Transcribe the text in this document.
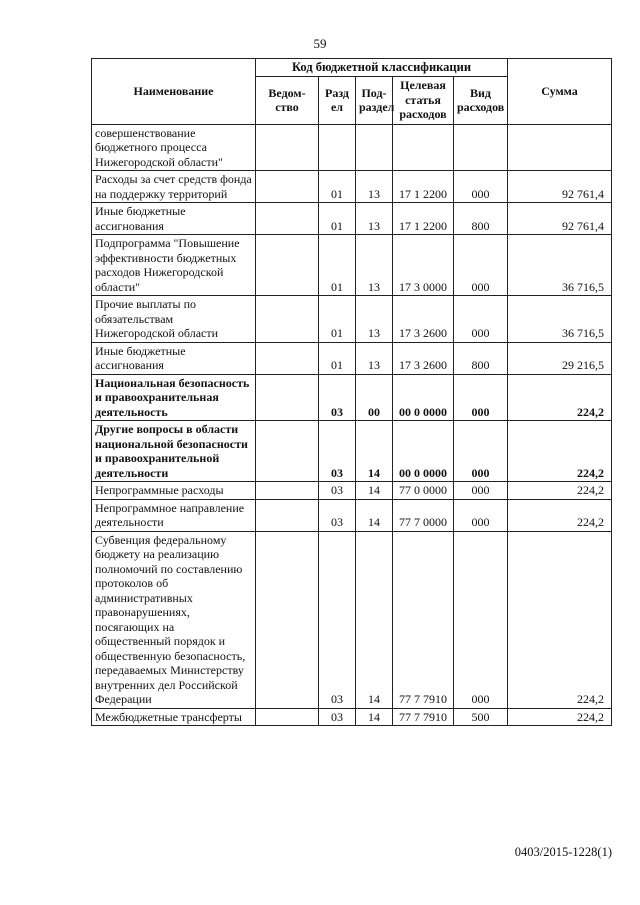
59
Наименование	Код бюджетной классификации					Сумма
	Ведом-ство	Разд ел	Под-раздел	Целевая статья расходов	Вид расходов	
совершенствование бюджетного процесса Нижегородской области"						
Расходы за счет средств фонда на поддержку территорий		01	13	17 1 2200	000	92 761,4
Иные бюджетные ассигнования		01	13	17 1 2200	800	92 761,4
Подпрограмма "Повышение эффективности бюджетных расходов Нижегородской области"		01	13	17 3 0000	000	36 716,5
Прочие выплаты по обязательствам Нижегородской области		01	13	17 3 2600	000	36 716,5
Иные бюджетные ассигнования		01	13	17 3 2600	800	29 216,5
Национальная безопасность и правоохранительная деятельность		03	00	00 0 0000	000	224,2
Другие вопросы в области национальной безопасности и правоохранительной деятельности		03	14	00 0 0000	000	224,2
Непрограммные расходы		03	14	77 0 0000	000	224,2
Непрограммное направление деятельности		03	14	77 7 0000	000	224,2
Субвенция федеральному бюджету на реализацию полномочий по составлению протоколов об административных правонарушениях, посягающих на общественный порядок и общественную безопасность, передаваемых Министерству внутренних дел Российской Федерации		03	14	77 7 7910	000	224,2
Межбюджетные трансферты		03	14	77 7 7910	500	224,2
0403/2015-1228(1)
